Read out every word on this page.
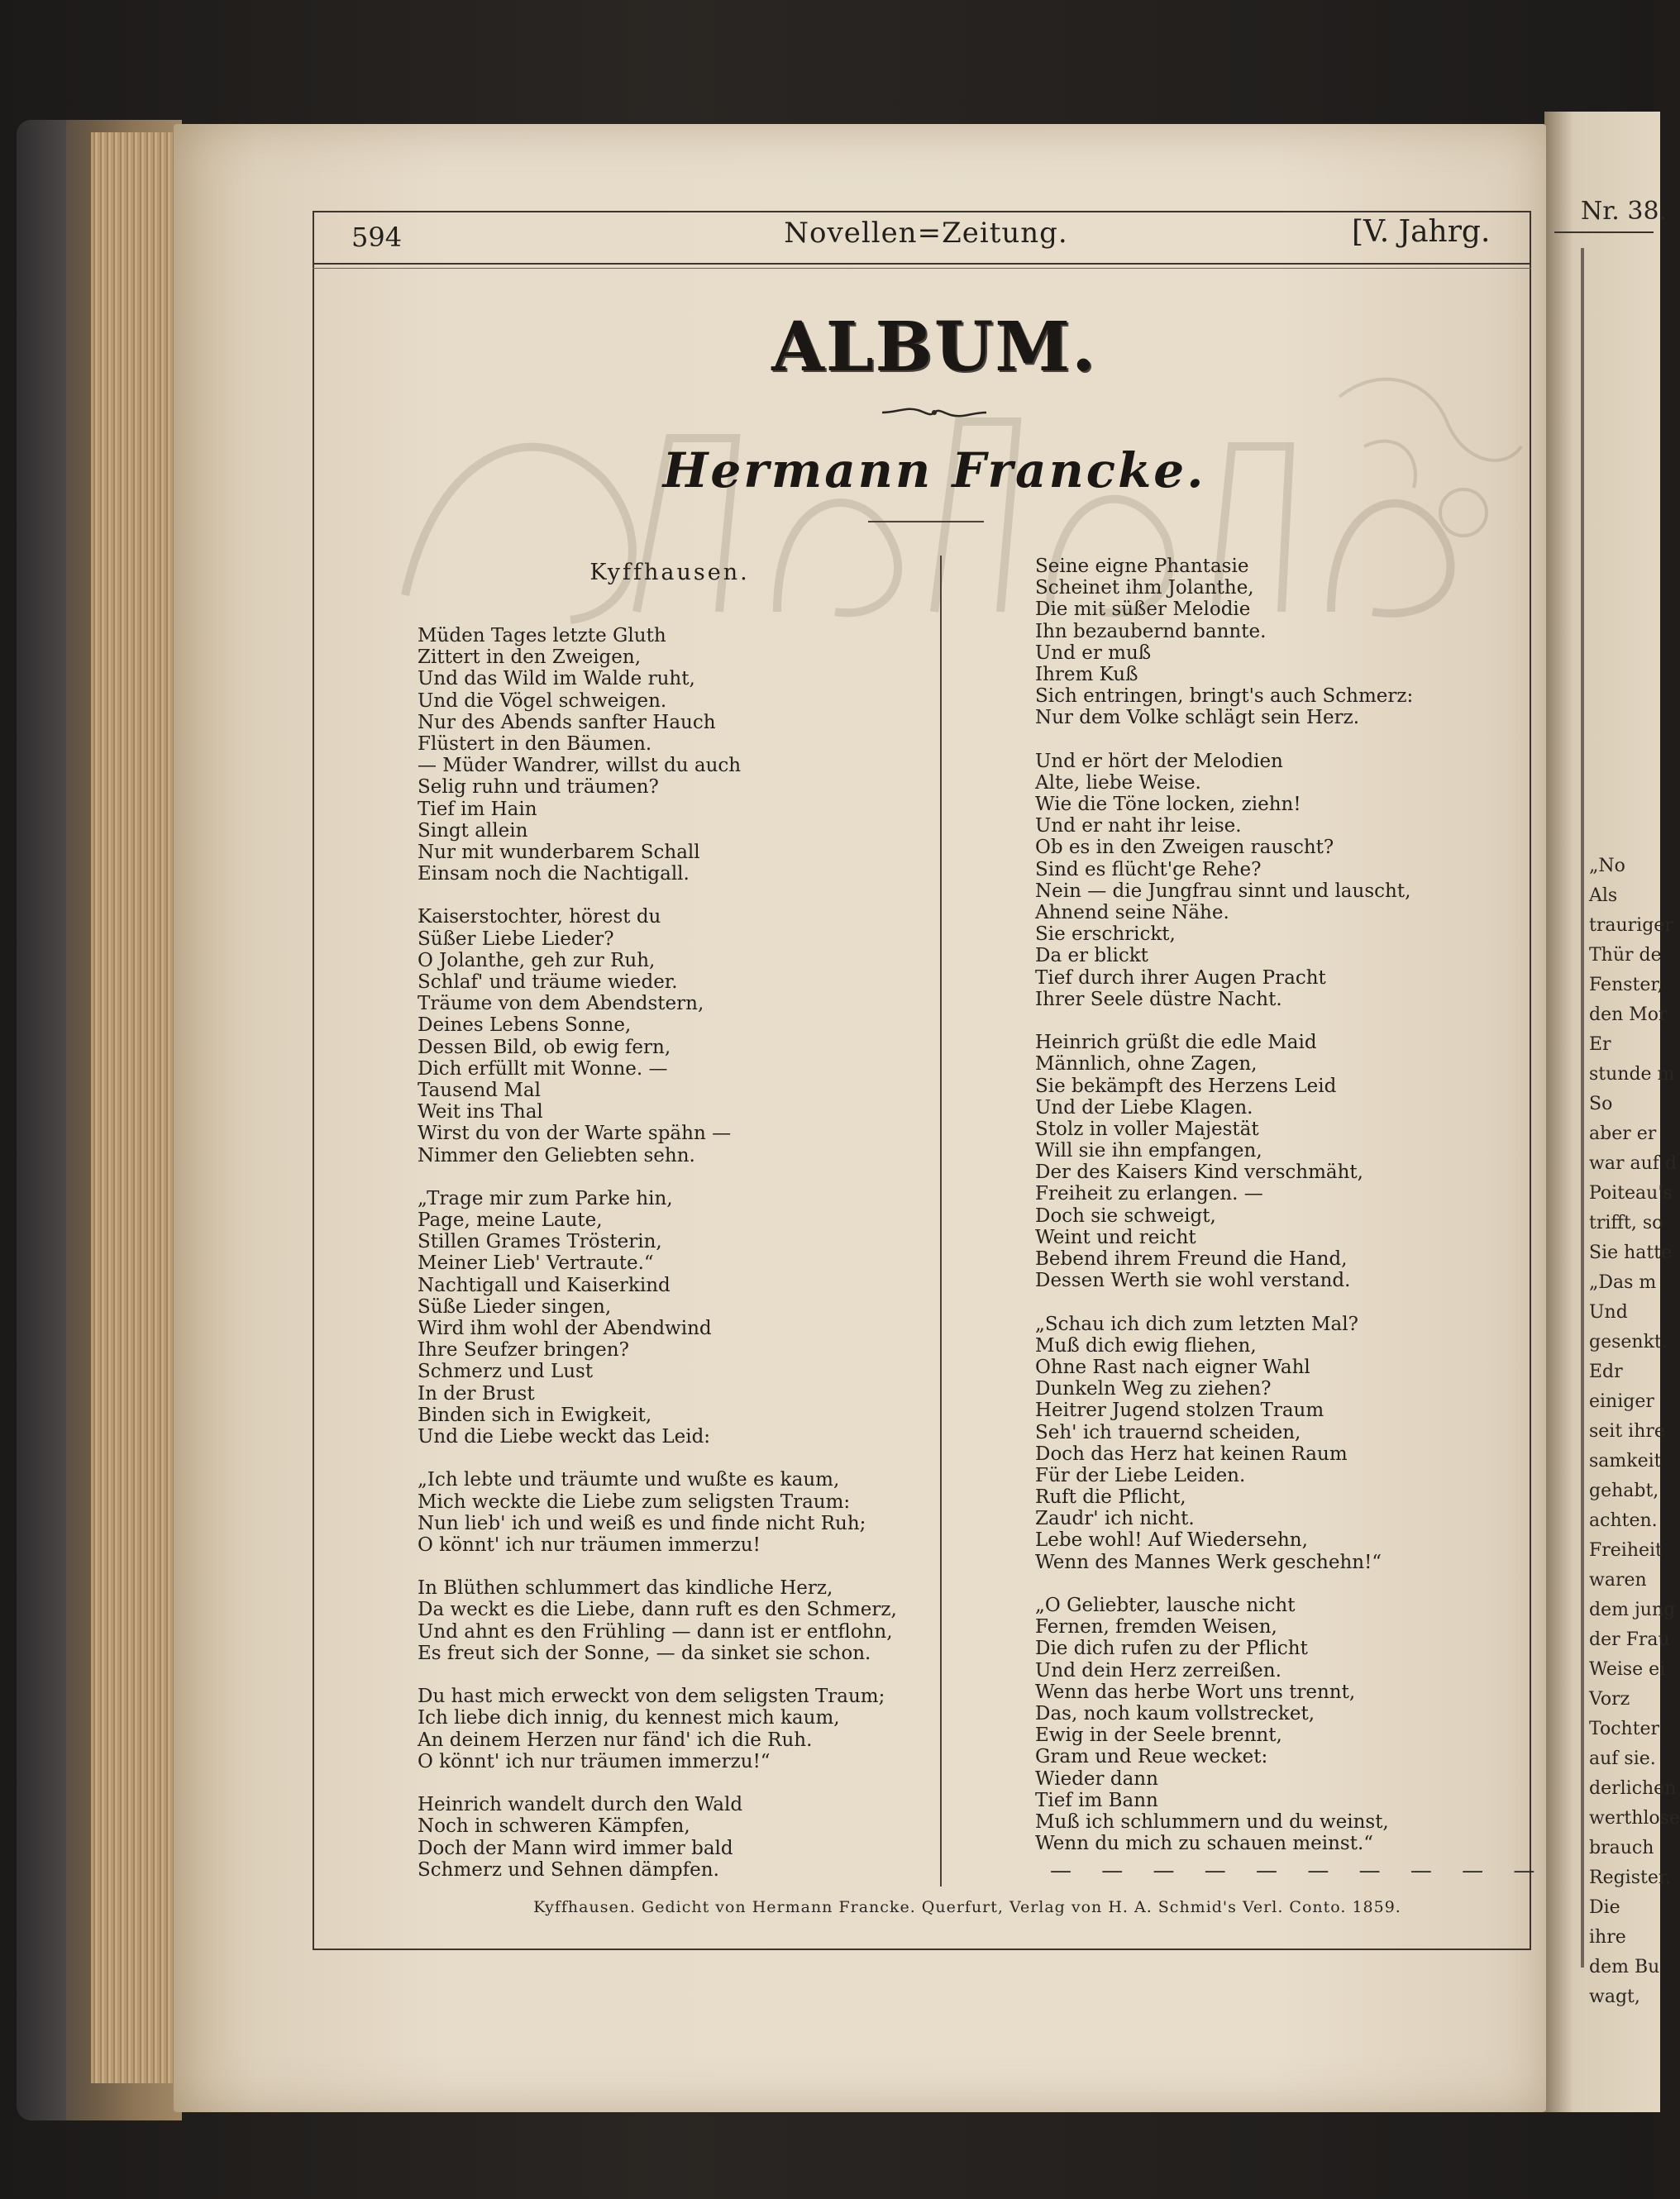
Nr. 38.
„No
Als
trauriger
Thür de
Fenster,
den Mor
Er
stunde m
So
aber er
war auf d
Poiteau's
trifft, so
Sie hatte
„Das m
Und
gesenkt.
Edr
einiger
seit ihre
samkeit
gehabt,
achten.
Freiheit
waren
dem jung
der Frau
Weise ei
Vorz
Tochter
auf sie.
derlichen
werthlose
brauch
Register.
Die
ihre
dem Bu
wagt,
594	Novellen=Zeitung.	[V. Jahrg.
ALBUM.
Hermann Francke.
Kyffhausen.
Müden Tages letzte Gluth
Zittert in den Zweigen,
Und das Wild im Walde ruht,
Und die Vögel schweigen.
Nur des Abends sanfter Hauch
Flüstert in den Bäumen.
— Müder Wandrer, willst du auch
Selig ruhn und träumen?
Tief im Hain
Singt allein
Nur mit wunderbarem Schall
Einsam noch die Nachtigall.
Kaiserstochter, hörest du
Süßer Liebe Lieder?
O Jolanthe, geh zur Ruh,
Schlaf' und träume wieder.
Träume von dem Abendstern,
Deines Lebens Sonne,
Dessen Bild, ob ewig fern,
Dich erfüllt mit Wonne. —
Tausend Mal
Weit ins Thal
Wirst du von der Warte spähn —
Nimmer den Geliebten sehn.
„Trage mir zum Parke hin,
Page, meine Laute,
Stillen Grames Trösterin,
Meiner Lieb' Vertraute.“
Nachtigall und Kaiserkind
Süße Lieder singen,
Wird ihm wohl der Abendwind
Ihre Seufzer bringen?
Schmerz und Lust
In der Brust
Binden sich in Ewigkeit,
Und die Liebe weckt das Leid:
„Ich lebte und träumte und wußte es kaum,
Mich weckte die Liebe zum seligsten Traum:
Nun lieb' ich und weiß es und finde nicht Ruh;
O könnt' ich nur träumen immerzu!
In Blüthen schlummert das kindliche Herz,
Da weckt es die Liebe, dann ruft es den Schmerz,
Und ahnt es den Frühling — dann ist er entflohn,
Es freut sich der Sonne, — da sinket sie schon.
Du hast mich erweckt von dem seligsten Traum;
Ich liebe dich innig, du kennest mich kaum,
An deinem Herzen nur fänd' ich die Ruh.
O könnt' ich nur träumen immerzu!“
Heinrich wandelt durch den Wald
Noch in schweren Kämpfen,
Doch der Mann wird immer bald
Schmerz und Sehnen dämpfen.
Seine eigne Phantasie
Scheinet ihm Jolanthe,
Die mit süßer Melodie
Ihn bezaubernd bannte.
Und er muß
Ihrem Kuß
Sich entringen, bringt's auch Schmerz:
Nur dem Volke schlägt sein Herz.
Und er hört der Melodien
Alte, liebe Weise.
Wie die Töne locken, ziehn!
Und er naht ihr leise.
Ob es in den Zweigen rauscht?
Sind es flücht'ge Rehe?
Nein — die Jungfrau sinnt und lauscht,
Ahnend seine Nähe.
Sie erschrickt,
Da er blickt
Tief durch ihrer Augen Pracht
Ihrer Seele düstre Nacht.
Heinrich grüßt die edle Maid
Männlich, ohne Zagen,
Sie bekämpft des Herzens Leid
Und der Liebe Klagen.
Stolz in voller Majestät
Will sie ihn empfangen,
Der des Kaisers Kind verschmäht,
Freiheit zu erlangen. —
Doch sie schweigt,
Weint und reicht
Bebend ihrem Freund die Hand,
Dessen Werth sie wohl verstand.
„Schau ich dich zum letzten Mal?
Muß dich ewig fliehen,
Ohne Rast nach eigner Wahl
Dunkeln Weg zu ziehen?
Heitrer Jugend stolzen Traum
Seh' ich trauernd scheiden,
Doch das Herz hat keinen Raum
Für der Liebe Leiden.
Ruft die Pflicht,
Zaudr' ich nicht.
Lebe wohl! Auf Wiedersehn,
Wenn des Mannes Werk geschehn!“
„O Geliebter, lausche nicht
Fernen, fremden Weisen,
Die dich rufen zu der Pflicht
Und dein Herz zerreißen.
Wenn das herbe Wort uns trennt,
Das, noch kaum vollstrecket,
Ewig in der Seele brennt,
Gram und Reue wecket:
Wieder dann
Tief im Bann
Muß ich schlummern und du weinst,
Wenn du mich zu schauen meinst.“
— — — — — — — — — —
Kyffhausen. Gedicht von Hermann Francke. Querfurt, Verlag von H. A. Schmid's Verl. Conto. 1859.
